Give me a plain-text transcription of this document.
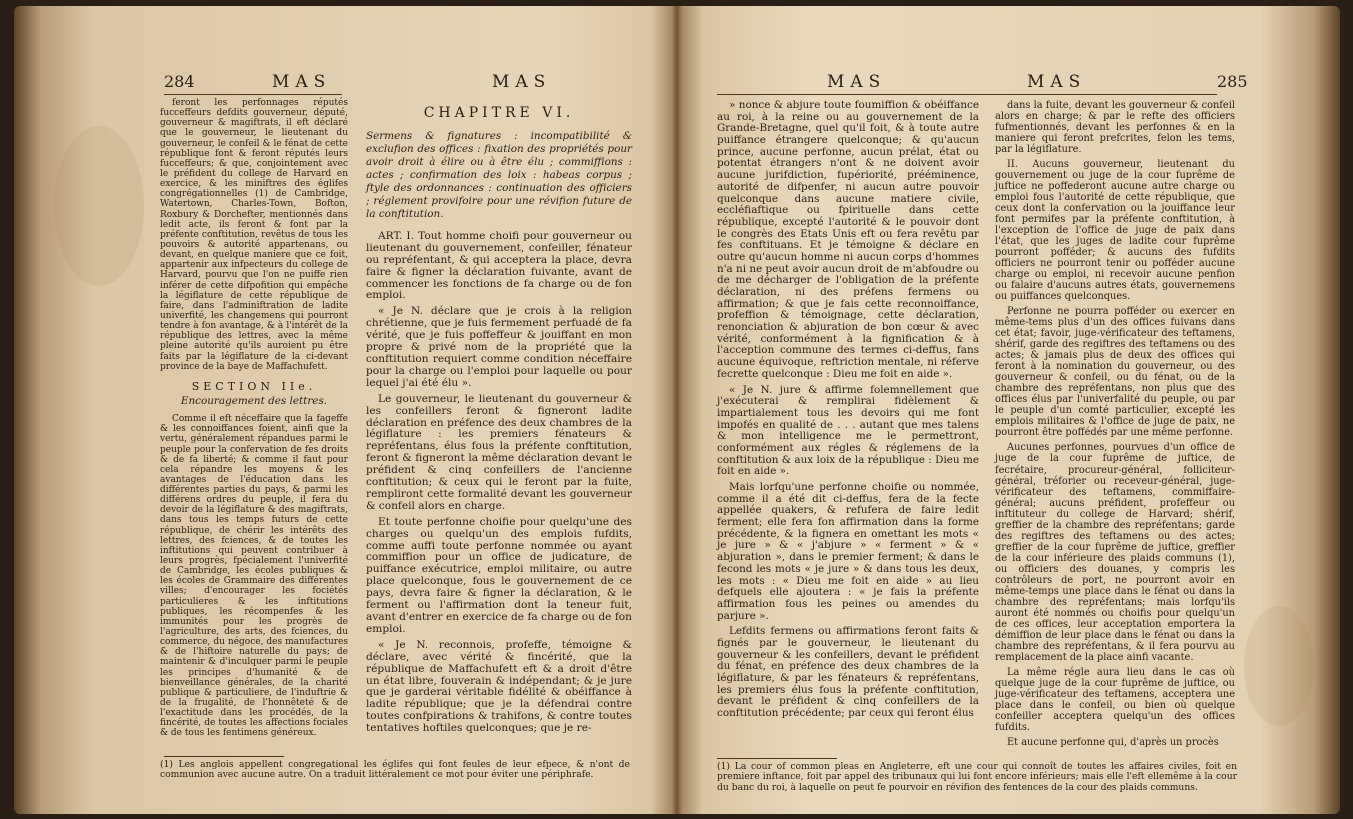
284	MAS	MAS

feront les perfonnages réputés fucceffeurs defdits gouverneur, député, gouverneur & magiftrats, il eft déclaré que le gouverneur, le lieutenant du gouverneur, le confeil & le fénat de cette république font & feront réputés leurs fucceffeurs; & que, conjointement avec le préfident du college de Harvard en exercice, & les miniftres des églifes congrégationnelles (1) de Cambridge, Watertown, Charles-Town, Bofton, Roxbury & Dorchefter, mentionnés dans ledit acte, ils feront & font par la préfente conftitution, revêtus de tous les pouvoirs & autorité appartenans, ou devant, en quelque maniere que ce foit, appartenir aux infpecteurs du college de Harvard, pourvu que l'on ne puiffe rien inférer de cette difpofition qui empêche la légiflature de cette république de faire, dans l'adminiftration de ladite univerfité, les changemens qui pourront tendre à fon avantage, & à l'intérêt de la république des lettres, avec la même pleine autorité qu'ils auroient pu être faits par la légiflature de la ci-devant province de la baye de Maffachufett.

SECTION IIe.
Encouragement des lettres.

Comme il eft néceffaire que la fageffe & les connoiffances foient, ainfi que la vertu, généralement répandues parmi le peuple pour la confervation de fes droits & de fa liberté; & comme il faut pour cela répandre les moyens & les avantages de l'éducation dans les différentes parties du pays, & parmi les différens ordres du peuple, il fera du devoir de la légiflature & des magiftrats, dans tous les temps futurs de cette république, de chérir les intérêts des lettres, des fciences, & de toutes les inftitutions qui peuvent contribuer à leurs progrès, fpécialement l'univerfité de Cambridge, les écoles publiques & les écoles de Grammaire des différentes villes; d'encourager les fociétés particulieres & les inftitutions publiques, les récompenfes & les immunités pour les progrès de l'agriculture, des arts, des fciences, du commerce, du négoce, des manufactures & de l'hiftoire naturelle du pays; de maintenir & d'inculquer parmi le peuple les principes d'humanité & de bienveillance générales, de la charité publique & particuliere, de l'induftrie & de la frugalité, de l'honnêteté & de l'exactitude dans les procédés, de la fincérité, de toutes les affections fociales & de tous les fentimens généreux.

CHAPITRE VI.
Sermens & fignatures : incompatibilité & exclufion des offices : fixation des propriétés pour avoir droit à élire ou à être élu ; commiffions : actes ; confirmation des loix : habeas corpus ; ftyle des ordonnances : continuation des officiers ; réglement provifoire pour une révifion future de la conftitution.

ART. I. Tout homme choifi pour gouverneur ou lieutenant du gouvernement, confeiller, fénateur ou repréfentant, & qui acceptera la place, devra faire & figner la déclaration fuivante, avant de commencer les fonctions de fa charge ou de fon emploi.

« Je N. déclare que je crois à la religion chrétienne, que je fuis fermement perfuadé de fa vérité, que je fuis poffeffeur & jouiffant en mon propre & privé nom de la propriété que la conftitution requiert comme condition néceffaire pour la charge ou l'emploi pour laquelle ou pour lequel j'ai été élu ».

Le gouverneur, le lieutenant du gouverneur & les confeillers feront & figneront ladite déclaration en préfence des deux chambres de la légiflature : les premiers fénateurs & repréfentans, élus fous la préfente conftitution, feront & figneront la même déclaration devant le préfident & cinq confeillers de l'ancienne conftitution; & ceux qui le feront par la fuite, rempliront cette formalité devant les gouverneur & confeil alors en charge.

Et toute perfonne choifie pour quelqu'une des charges ou quelqu'un des emplois fufdits, comme auffi toute perfonne nommée ou ayant commiffion pour un office de judicature, de puiffance exécutrice, emploi militaire, ou autre place quelconque, fous le gouvernement de ce pays, devra faire & figner la déclaration, & le ferment ou l'affirmation dont la teneur fuit, avant d'entrer en exercice de fa charge ou de fon emploi.

« Je N. reconnois, profeffe, témoigne & déclare, avec vérité & fincérité, que la république de Maffachufett eft & a droit d'être un état libre, fouverain & indépendant; & je jure que je garderai véritable fidélité & obéiffance à ladite république; que je la défendrai contre toutes confpirations & trahifons, & contre toutes tentatives hoftiles quelconques; que je re-

(1) Les anglois appellent congregational les églifes qui font feules de leur efpece, & n'ont de communion avec aucune autre. On a traduit littéralement ce mot pour éviter une périphrafe.
MAS	MAS	285

» nonce & abjure toute foumiffion & obéiffance au roi, à la reine ou au gouvernement de la Grande-Bretagne, quel qu'il foit, & à toute autre puiffance étrangere quelconque; & qu'aucun prince, aucune perfonne, aucun prélat, état ou potentat étrangers n'ont & ne doivent avoir aucune jurifdiction, fupériorité, prééminence, autorité de difpenfer, ni aucun autre pouvoir quelconque dans aucune matiere civile, eccléfiaftique ou fpirituelle dans cette république, excepté l'autorité & le pouvoir dont le congrès des Etats Unis eft ou fera revêtu par fes conftituans. Et je témoigne & déclare en outre qu'aucun homme ni aucun corps d'hommes n'a ni ne peut avoir aucun droit de m'abfoudre ou de me décharger de l'obligation de la préfente déclaration, ni des préfens fermens ou affirmation; & que je fais cette reconnoiffance, profeffion & témoignage, cette déclaration, renonciation & abjuration de bon cœur & avec vérité, conformément à la fignification & à l'acception commune des termes ci-deffus, fans aucune équivoque, reftriction mentale, ni réferve fecrette quelconque : Dieu me foit en aide ».

« Je N. jure & affirme folemnellement que j'exécuterai & remplirai fidèlement & impartialement tous les devoirs qui me font impofés en qualité de . . . autant que mes talens & mon intelligence me le permettront, conformément aux régles & réglemens de la conftitution & aux loix de la république : Dieu me foit en aide ».

Mais lorfqu'une perfonne choifie ou nommée, comme il a été dit ci-deffus, fera de la fecte appellée quakers, & refufera de faire ledit ferment; elle fera fon affirmation dans la forme précédente, & la fignera en omettant les mots « je jure » & « j'abjure » « ferment » & « abjuration », dans le premier ferment; & dans le fecond les mots « je jure » & dans tous les deux, les mots : « Dieu me foit en aide » au lieu defquels elle ajoutera : « je fais la préfente affirmation fous les peines ou amendes du parjure ».

Lefdits fermens ou affirmations feront faits & fignés par le gouverneur, le lieutenant du gouverneur & les confeillers, devant le préfident du fénat, en préfence des deux chambres de la légiflature, & par les fénateurs & repréfentans, les premiers élus fous la préfente conftitution, devant le préfident & cinq confeillers de la conftitution précédente; par ceux qui feront élus

dans la fuite, devant les gouverneur & confeil alors en charge; & par le refte des officiers fufmentionnés, devant les perfonnes & en la maniere qui feront prefcrites, felon les tems, par la légiflature.

II. Aucuns gouverneur, lieutenant du gouvernement ou juge de la cour fuprême de juftice ne poffederont aucune autre charge ou emploi fous l'autorité de cette république, que ceux dont la confervation ou la jouiffance leur font permifes par la préfente conftitution, à l'exception de l'office de juge de paix dans l'état, que les juges de ladite cour fuprême pourront pofféder; & aucuns des fufdits officiers ne pourront tenir ou pofféder aucune charge ou emploi, ni recevoir aucune penfion ou falaire d'aucuns autres états, gouvernemens ou puiffances quelconques.

Perfonne ne pourra pofféder ou exercer en même-tems plus d'un des offices fuivans dans cet état; favoir, juge-vérificateur des teftamens, shérif, garde des regiftres des teftamens ou des actes; & jamais plus de deux des offices qui feront à la nomination du gouverneur, ou des gouverneur & confeil, ou du fénat, ou de la chambre des repréfentans, non plus que des offices élus par l'univerfalité du peuple, ou par le peuple d'un comté particulier, excepté les emplois militaires & l'office de juge de paix, ne pourront être poffédés par une même perfonne.

Aucunes perfonnes, pourvues d'un office de juge de la cour fuprême de juftice, de fecrétaire, procureur-général, folliciteur-général, tréforier ou receveur-général, juge-vérificateur des teftamens, commiffaire-général; aucuns préfident, profeffeur ou inftituteur du college de Harvard; shérif, greffier de la chambre des repréfentans; garde des regiftres des teftamens ou des actes; greffier de la cour fuprême de juftice, greffier de la cour inférieure des plaids communs (1), ou officiers des douanes, y compris les contrôleurs de port, ne pourront avoir en même-temps une place dans le fénat ou dans la chambre des repréfentans; mais lorfqu'ils auront été nommés ou choifis pour quelqu'un de ces offices, leur acceptation emportera la démiffion de leur place dans le fénat ou dans la chambre des repréfentans, & il fera pourvu au remplacement de la place ainfi vacante.

La même régle aura lieu dans le cas où quelque juge de la cour fuprême de juftice, ou juge-vérificateur des teftamens, acceptera une place dans le confeil, ou bien où quelque confeiller acceptera quelqu'un des offices fufdits.

Et aucune perfonne qui, d'après un procès

(1) La cour of common pleas en Angleterre, eft une cour qui connoît de toutes les affaires civiles, foit en premiere inftance, foit par appel des tribunaux qui lui font encore inférieurs; mais elle l'eft ellemême à la cour du banc du roi, à laquelle on peut fe pourvoir en révifion des fentences de la cour des plaids communs.
